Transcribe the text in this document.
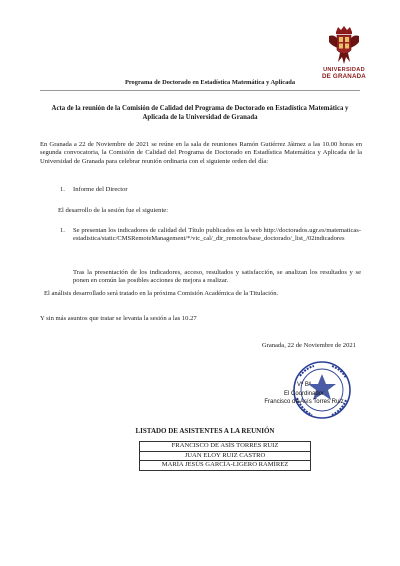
UNIVERSIDAD
DE GRANADA
Programa de Doctorado en Estadística Matemática y Aplicada
Acta de la reunión de la Comisión de Calidad del Programa de Doctorado en Estadística Matemática y Aplicada de la Universidad de Granada
En Granada a 22 de Noviembre de 2021 se reúne en la sala de reuniones Ramón Gutiérrez Jáimez a las 10.00 horas en segunda convocatoria, la Comisión de Calidad del Programa de Doctorado en Estadística Matemática y Aplicada de la Universidad de Granada para celebrar reunión ordinaria con el siguiente orden del día:
1. Informe del Director
El desarrollo de la sesión fue el siguiente:
1. Se presentan los indicadores de calidad del Título publicados en la web http://doctorados.ugr.es/matematicas-estadistica/static/CMSRemoteManagement/*/vic_cal/_dir_remotos/base_doctorado/_list_/02indicadores
Tras la presentación de los indicadores, acceso, resultados y satisfacción, se analizan los resultados y se ponen en común las posibles acciones de mejora a realizar.
El análisis desarrollado será tratado en la próxima Comisión Académica de la Titulación.
Y sin más asuntos que tratar se levanta la sesión a las 10.27
Granada, 22 de Noviembre de 2021
Vº Bº
El Coordinador
Francisco de Asís Torres Ruiz
LISTADO DE ASISTENTES A LA REUNIÓN
FRANCISCO DE ASÍS TORRES RUIZ
JUAN ELOY RUIZ CASTRO
MARÍA JESÚS GARCÍA-LIGERO RAMÍREZ
